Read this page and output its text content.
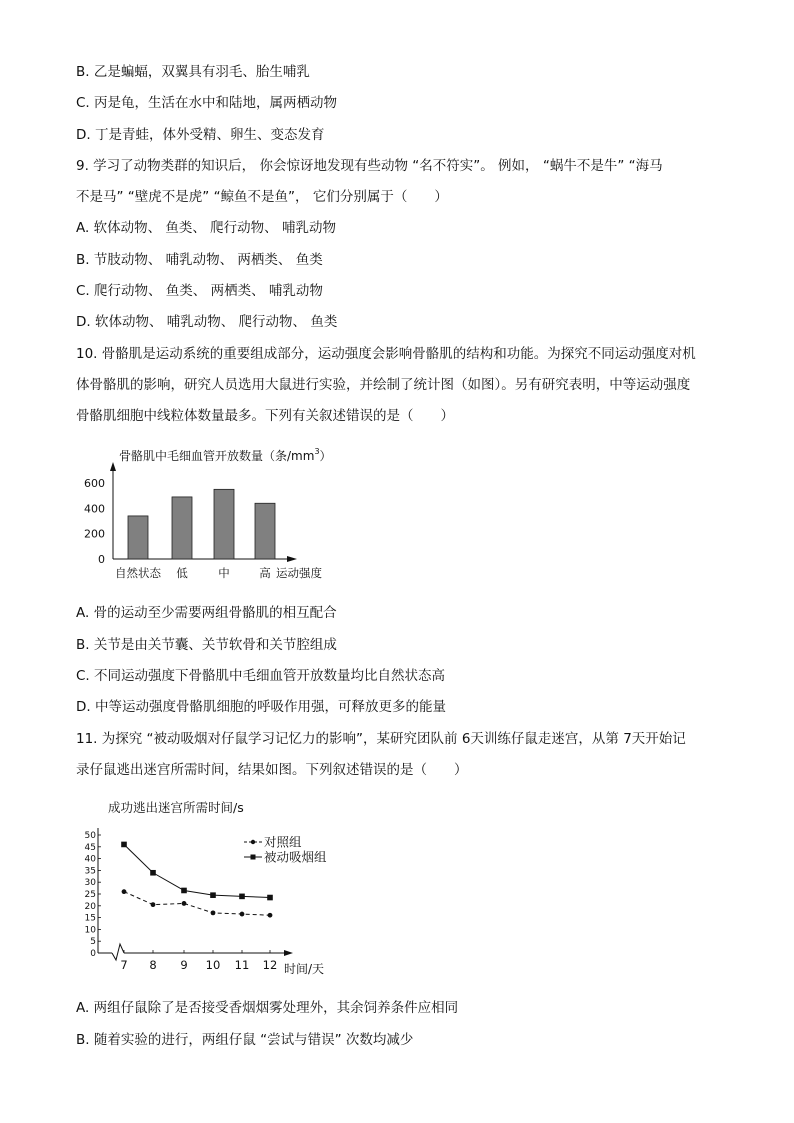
B. 乙是蝙蝠，双翼具有羽毛、胎生哺乳
C. 丙是龟，生活在水中和陆地，属两栖动物
D. 丁是青蛙，体外受精、卵生、变态发育
9. 学习了动物类群的知识后， 你会惊讶地发现有些动物 “名不符实”。 例如， “蜗牛不是牛” “海马
不是马” “壁虎不是虎” “鲸鱼不是鱼”， 它们分别属于（　　）
A. 软体动物、 鱼类、 爬行动物、 哺乳动物
B. 节肢动物、 哺乳动物、 两栖类、 鱼类
C. 爬行动物、 鱼类、 两栖类、 哺乳动物
D. 软体动物、 哺乳动物、 爬行动物、 鱼类
10. 骨骼肌是运动系统的重要组成部分，运动强度会影响骨骼肌的结构和功能。为探究不同运动强度对机
体骨骼肌的影响，研究人员选用大鼠进行实验，并绘制了统计图（如图）。另有研究表明，中等运动强度
骨骼肌细胞中线粒体数量最多。下列有关叙述错误的是（　　）
骨骼肌中毛细血管开放数量（条$/mm^3$）
0
200
400
600
自然状态 低	中	高 运动强度
A. 骨的运动至少需要两组骨骼肌的相互配合
B. 关节是由关节囊、关节软骨和关节腔组成
C. 不同运动强度下骨骼肌中毛细血管开放数量均比自然状态高
D. 中等运动强度骨骼肌细胞的呼吸作用强，可释放更多的能量
11. 为探究 “被动吸烟对仔鼠学习记忆力的影响”，某研究团队前 6天训练仔鼠走迷宫，从第 7天开始记
录仔鼠逃出迷宫所需时间，结果如图。下列叙述错误的是（　　）
成功逃出迷宫所需时间/s
0
5
10
15
20
25
30
35
40
45
50
7 8 9 10 11 12 时间/天
对照组
被动吸烟组
A. 两组仔鼠除了是否接受香烟烟雾处理外，其余饲养条件应相同
B. 随着实验的进行，两组仔鼠 “尝试与错误” 次数均减少
